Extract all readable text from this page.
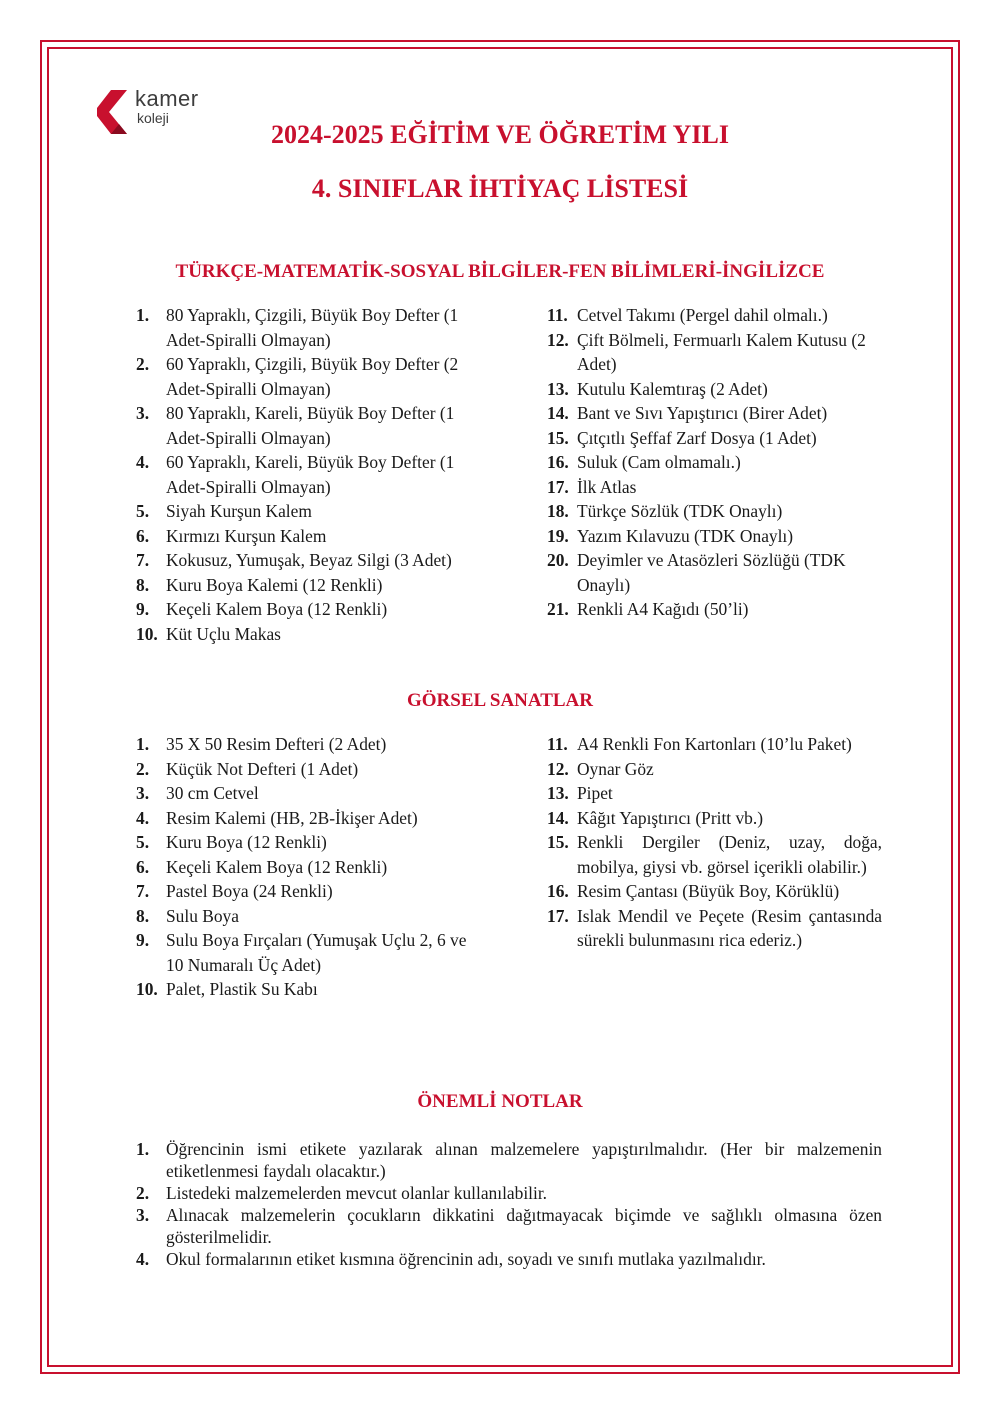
kamer
koleji
2024-2025 EĞİTİM VE ÖĞRETİM YILI
4. SINIFLAR İHTİYAÇ LİSTESİ
TÜRKÇE-MATEMATİK-SOSYAL BİLGİLER-FEN BİLİMLERİ-İNGİLİZCE
1. 80 Yapraklı, Çizgili, Büyük Boy Defter (1 Adet-Spiralli Olmayan)
2. 60 Yapraklı, Çizgili, Büyük Boy Defter (2 Adet-Spiralli Olmayan)
3. 80 Yapraklı, Kareli, Büyük Boy Defter (1 Adet-Spiralli Olmayan)
4. 60 Yapraklı, Kareli, Büyük Boy Defter (1 Adet-Spiralli Olmayan)
5. Siyah Kurşun Kalem
6. Kırmızı Kurşun Kalem
7. Kokusuz, Yumuşak, Beyaz Silgi (3 Adet)
8. Kuru Boya Kalemi (12 Renkli)
9. Keçeli Kalem Boya (12 Renkli)
10. Küt Uçlu Makas
11. Cetvel Takımı (Pergel dahil olmalı.)
12. Çift Bölmeli, Fermuarlı Kalem Kutusu (2 Adet)
13. Kutulu Kalemtıraş (2 Adet)
14. Bant ve Sıvı Yapıştırıcı (Birer Adet)
15. Çıtçıtlı Şeffaf Zarf Dosya (1 Adet)
16. Suluk (Cam olmamalı.)
17. İlk Atlas
18. Türkçe Sözlük (TDK Onaylı)
19. Yazım Kılavuzu (TDK Onaylı)
20. Deyimler ve Atasözleri Sözlüğü (TDK Onaylı)
21. Renkli A4 Kağıdı (50’li)
GÖRSEL SANATLAR
1. 35 X 50 Resim Defteri (2 Adet)
2. Küçük Not Defteri (1 Adet)
3. 30 cm Cetvel
4. Resim Kalemi (HB, 2B-İkişer Adet)
5. Kuru Boya (12 Renkli)
6. Keçeli Kalem Boya (12 Renkli)
7. Pastel Boya (24 Renkli)
8. Sulu Boya
9. Sulu Boya Fırçaları (Yumuşak Uçlu 2, 6 ve 10 Numaralı Üç Adet)
10. Palet, Plastik Su Kabı
11. A4 Renkli Fon Kartonları (10’lu Paket)
12. Oynar Göz
13. Pipet
14. Kâğıt Yapıştırıcı (Pritt vb.)
15. Renkli Dergiler (Deniz, uzay, doğa, mobilya, giysi vb. görsel içerikli olabilir.)
16. Resim Çantası (Büyük Boy, Körüklü)
17. Islak Mendil ve Peçete (Resim çantasında sürekli bulunmasını rica ederiz.)
ÖNEMLİ NOTLAR
1. Öğrencinin ismi etikete yazılarak alınan malzemelere yapıştırılmalıdır. (Her bir malzemenin etiketlenmesi faydalı olacaktır.)
2. Listedeki malzemelerden mevcut olanlar kullanılabilir.
3. Alınacak malzemelerin çocukların dikkatini dağıtmayacak biçimde ve sağlıklı olmasına özen gösterilmelidir.
4. Okul formalarının etiket kısmına öğrencinin adı, soyadı ve sınıfı mutlaka yazılmalıdır.
